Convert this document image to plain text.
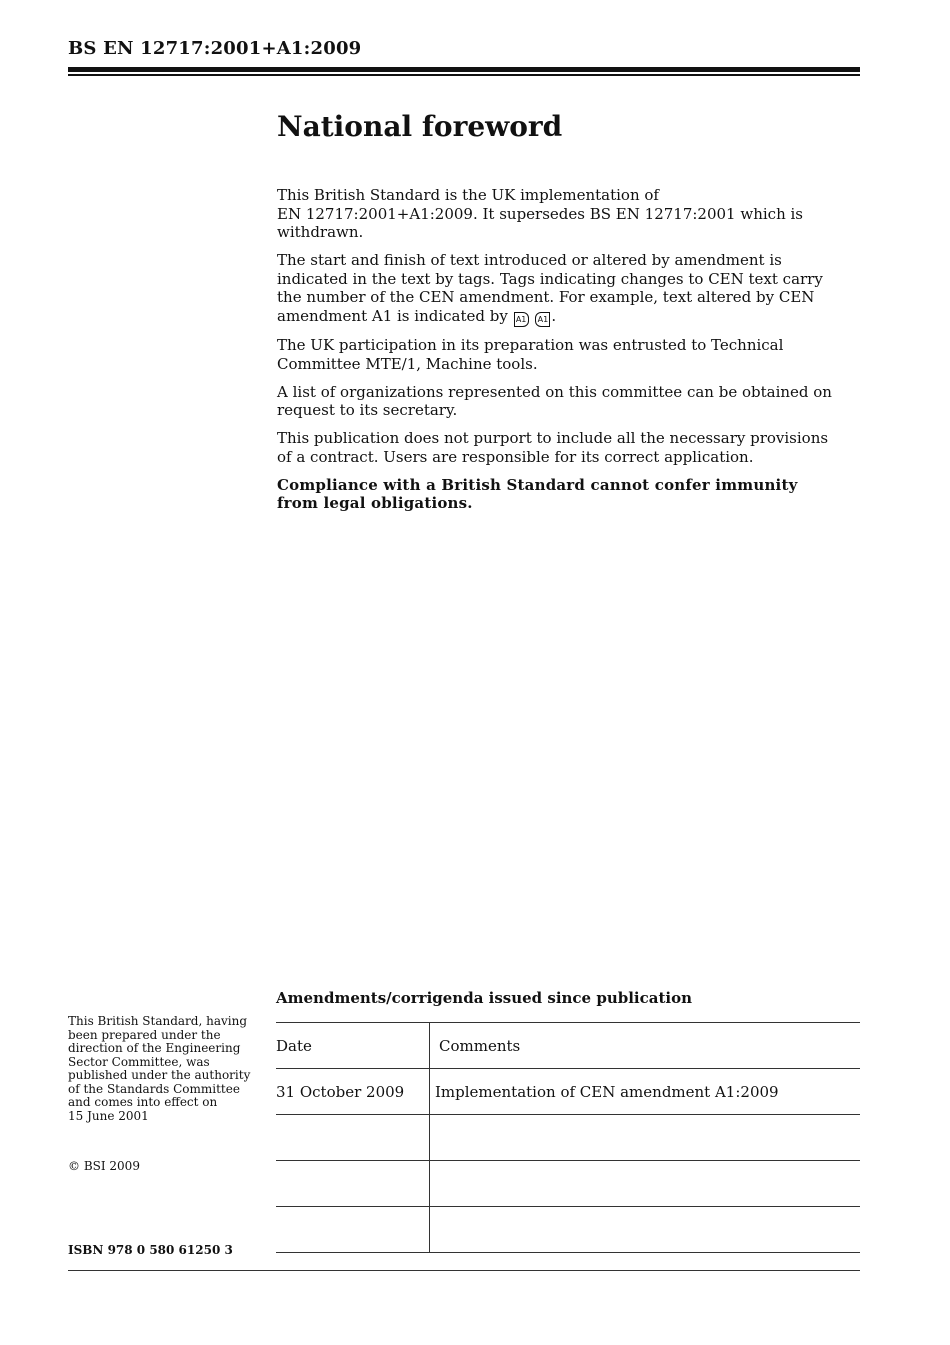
BS EN 12717:2001+A1:2009
National foreword

This British Standard is the UK implementation of
EN 12717:2001+A1:2009. It supersedes BS EN 12717:2001 which is withdrawn.

The start and finish of text introduced or altered by amendment is indicated in the text by tags. Tags indicating changes to CEN text carry the number of the CEN amendment. For example, text altered by CEN amendment A1 is indicated by A1 A1 .

The UK participation in its preparation was entrusted to Technical Committee MTE/1, Machine tools.

A list of organizations represented on this committee can be obtained on request to its secretary.

This publication does not purport to include all the necessary provisions of a contract. Users are responsible for its correct application.

Compliance with a British Standard cannot confer immunity from legal obligations.

This British Standard, having been prepared under the direction of the Engineering Sector Committee, was published under the authority of the Standards Committee and comes into effect on
15 June 2001
© BSI 2009
ISBN 978 0 580 61250 3
Amendments/corrigenda issued since publication
Date	Comments
31 October 2009	Implementation of CEN amendment A1:2009
